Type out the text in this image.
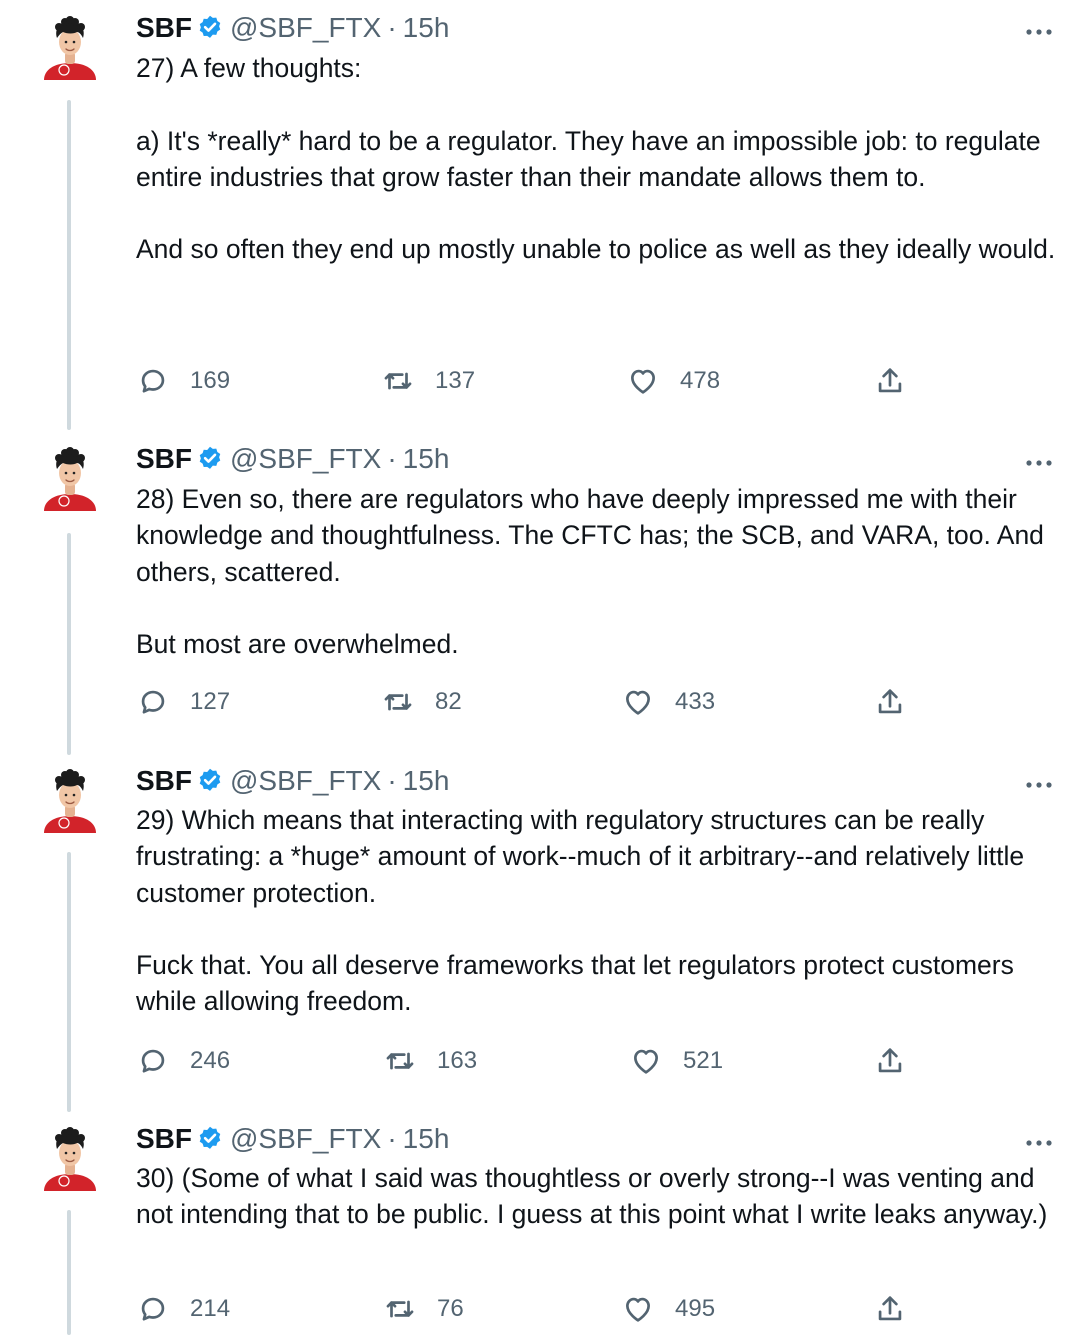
SBF @SBF_FTX · 15h

27) A few thoughts:

a) It's *really* hard to be a regulator. They have an impossible job: to regulate entire industries that grow faster than their mandate allows them to.

And so often they end up mostly unable to police as well as they ideally would.

169	137	478
SBF @SBF_FTX · 15h

28) Even so, there are regulators who have deeply impressed me with their knowledge and thoughtfulness. The CFTC has; the SCB, and VARA, too. And others, scattered.

But most are overwhelmed.

127	82	433
SBF @SBF_FTX · 15h

29) Which means that interacting with regulatory structures can be really frustrating: a *huge* amount of work--much of it arbitrary--and relatively little customer protection.

Fuck that. You all deserve frameworks that let regulators protect customers while allowing freedom.

246	163	521
SBF @SBF_FTX · 15h

30) (Some of what I said was thoughtless or overly strong--I was venting and not intending that to be public. I guess at this point what I write leaks anyway.)

214	76	495
